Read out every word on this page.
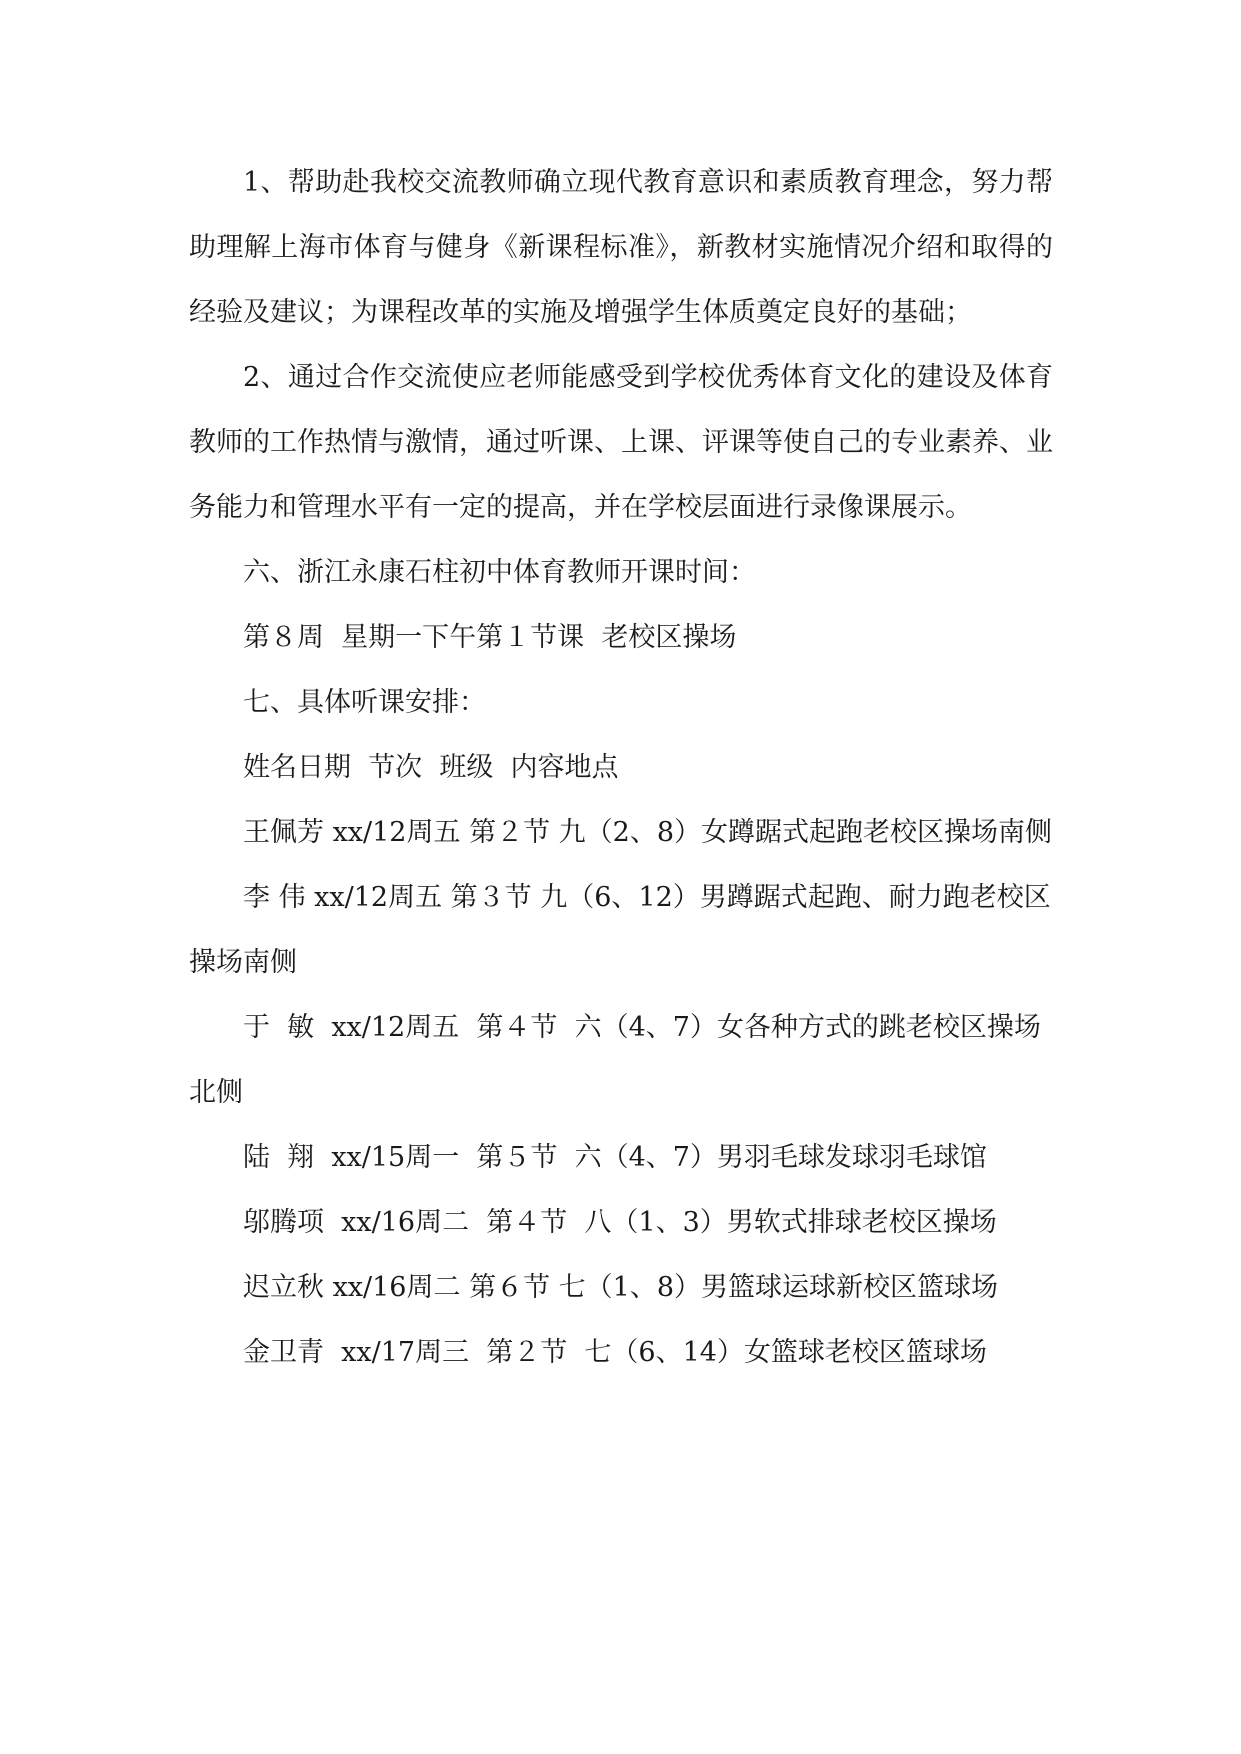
1、帮助赴我校交流教师确立现代教育意识和素质教育理念，努力帮助理解上海市体育与健身《新课程标准》，新教材实施情况介绍和取得的经验及建议；为课程改革的实施及增强学生体质奠定良好的基础；

2、通过合作交流使应老师能感受到学校优秀体育文化的建设及体育教师的工作热情与激情，通过听课、上课、评课等使自己的专业素养、业务能力和管理水平有一定的提高，并在学校层面进行录像课展示。

六、浙江永康石柱初中体育教师开课时间：

第８周  星期一下午第１节课  老校区操场

七、具体听课安排：

姓名日期  节次  班级  内容地点

王佩芳 xx/12周五 第２节 九（2、8）女蹲踞式起跑老校区操场南侧

李 伟 xx/12周五 第３节 九（6、12）男蹲踞式起跑、耐力跑老校区操场南侧

于  敏  xx/12周五  第４节  六（4、7）女各种方式的跳老校区操场北侧

陆  翔  xx/15周一  第５节  六（4、7）男羽毛球发球羽毛球馆

邬腾项  xx/16周二  第４节  八（1、3）男软式排球老校区操场

迟立秋 xx/16周二 第６节 七（1、8）男篮球运球新校区篮球场

金卫青  xx/17周三  第２节  七（6、14）女篮球老校区篮球场
